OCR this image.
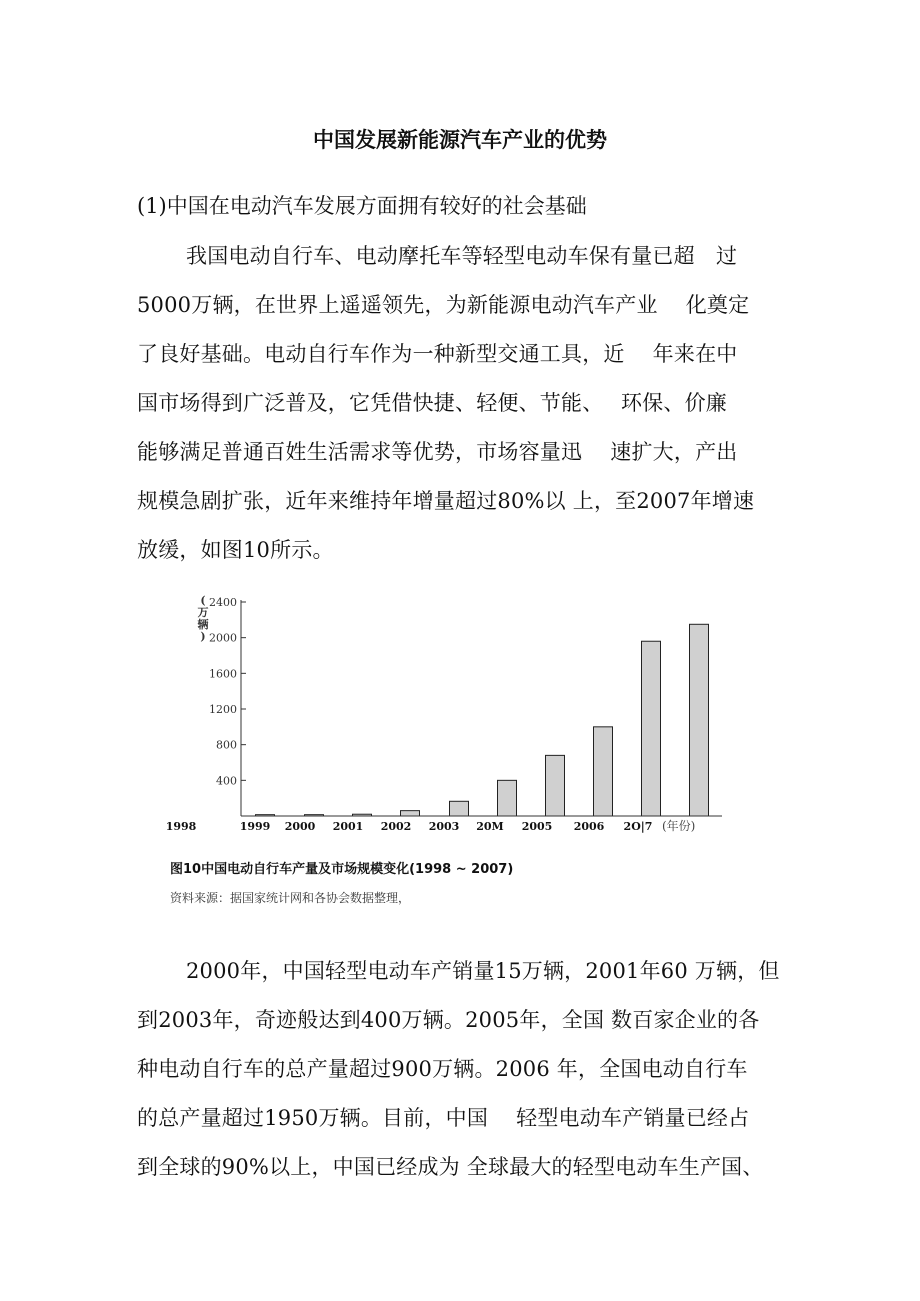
中国发展新能源汽车产业的优势
(1)中国在电动汽车发展方面拥有较好的社会基础
我国电动自行车、电动摩托车等轻型电动车保有量已超　过
5000万辆，在世界上遥遥领先，为新能源电动汽车产业　 化奠定
了良好基础。电动自行车作为一种新型交通工具，近　 年来在中
国市场得到广泛普及，它凭借快捷、轻便、节能、　 环保、价廉
能够满足普通百姓生活需求等优势，市场容量迅　 速扩大，产出
规模急剧扩张，近年来维持年增量超过80%以 上，至2007年增速
放缓，如图10所示。
(
万
辆
)
400
800
1200
1600
2000
2400
1998	1999 2000 2001 2002 2003 20M 2005 2006 2O|7 (年份)
图10中国电动自行车产量及市场规模变化(1998 ~ 2007)
资料来源：据国家统计网和各协会数据整理，
2000年，中国轻型电动车产销量15万辆，2001年60 万辆，但
到2003年，奇迹般达到400万辆。2005年，全国 数百家企业的各
种电动自行车的总产量超过900万辆。2006 年，全国电动自行车
的总产量超过1950万辆。目前，中国　 轻型电动车产销量已经占
到全球的90%以上，中国已经成为 全球最大的轻型电动车生产国、
